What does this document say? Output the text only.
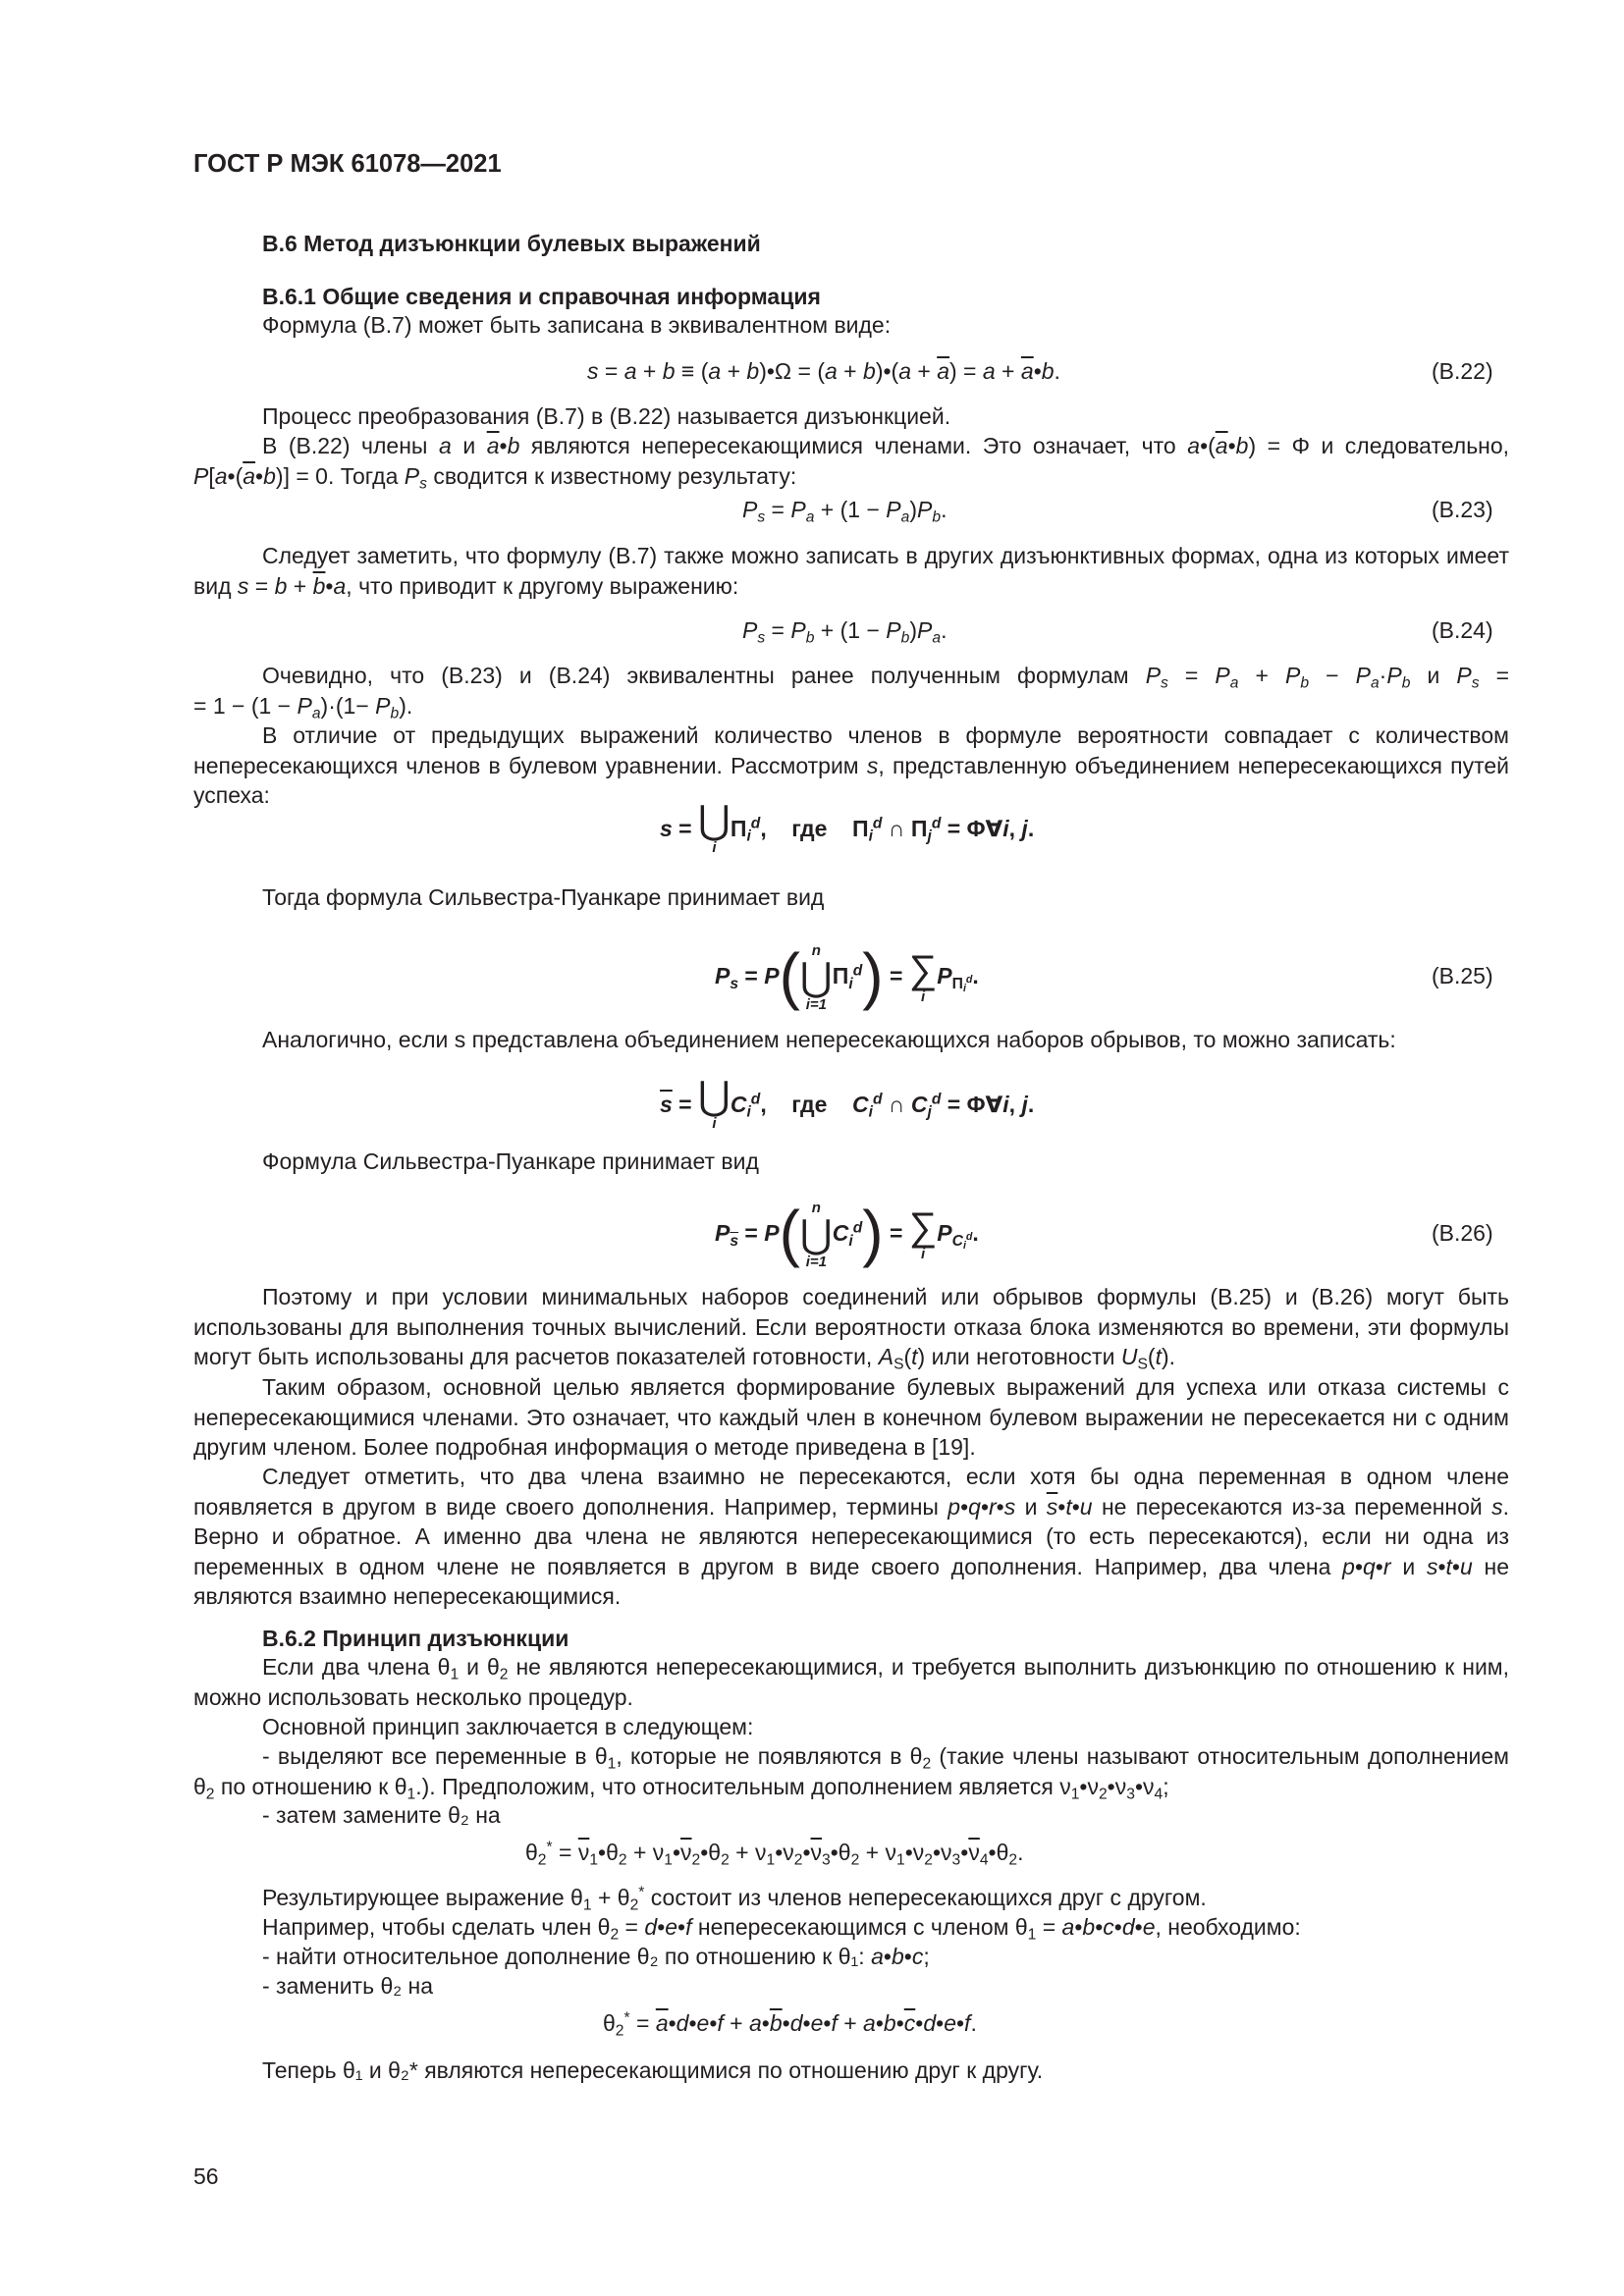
ГОСТ Р МЭК 61078—2021
В.6 Метод дизъюнкции булевых выражений
В.6.1 Общие сведения и справочная информация
Формула (В.7) может быть записана в эквивалентном виде:
s = a + b ≡ (a + b)•Ω = (a + b)•(a + $\overline{a}) = a$ + $\overline{a}•b$.	(В.22)
Процесс преобразования (В.7) в (В.22) называется дизъюнкцией.

В (В.22) члены a и $\overline{a}•b$ являются непересекающимися членами. Это означает, что $a•(\overline{a}•b) = \Phi$ и следовательно, $P[a•(\overline{a}•b)] = 0$. Тогда $P_s$ сводится к известному результату:

$P_s = P_a + (1 - P_a)P_b$.	(В.23)

Следует заметить, что формулу (В.7) также можно записать в других дизъюнктивных формах, одна из которых имеет вид $s = b + \overline{b}•a$, что приводит к другому выражению:

$P_s = P_b + (1 - P_b)P_a$.	(В.24)

Очевидно, что (В.23) и (В.24) эквивалентны ранее полученным формулам $P_s = P_a + P_b - P_a\cdot P_b$ и $P_s$ =

= $1 - (1 - P_a)\cdot(1- P_b)$.

В отличие от предыдущих выражений количество членов в формуле вероятности совпадает с количеством непересекающихся членов в булевом уравнении. Рассмотрим s, представленную объединением непересекающихся путей успеха:

s = ⋃
i
$\Pi_i^d$,    где    $\Pi_i^d$ ∩ $\Pi_j^d$ = Φ∀i, j.
Тогда формула Сильвестра-Пуанкаре принимает вид
$P_s = P$( n
⋃
i=1
$\Pi_i^d$) = ∑
i
$P_{\Pi_i^d}$.	(В.25)
Аналогично, если s представлена объединением непересекающихся наборов обрывов, то можно записать:
$\overline{s}$ = ⋃
i
$C_i^d$,    где $C_i^d$ ∩ $C_j^d$ = Φ∀i, j.
Формула Сильвестра-Пуанкаре принимает вид
$P_{\overline{s}} = P$( n
⋃
i=1
$C_i^d$) = ∑
i
$P_{C_i^d}$.	(В.26)

Поэтому и при условии минимальных наборов соединений или обрывов формулы (В.25) и (В.26) могут быть использованы для выполнения точных вычислений. Если вероятности отказа блока изменяются во времени, эти формулы могут быть использованы для расчетов показателей готовности, $A_S(t)$ или неготовности $U_S(t)$.

Таким образом, основной целью является формирование булевых выражений для успеха или отказа системы с непересекающимися членами. Это означает, что каждый член в конечном булевом выражении не пересекается ни с одним другим членом. Более подробная информация о методе приведена в [19].

Следует отметить, что два члена взаимно не пересекаются, если хотя бы одна переменная в одном члене появляется в другом в виде своего дополнения. Например, термины p•q•r•s и $\overline{s}•t•u$ не пересекаются из-за переменной s. Верно и обратное. А именно два члена не являются непересекающимися (то есть пересекаются), если ни одна из переменных в одном члене не появляется в другом в виде своего дополнения. Например, два члена p•q•r и s•t•u не являются взаимно непересекающимися.

В.6.2 Принцип дизъюнкции

Если два члена $\theta_1$ и $\theta_2$ не являются непересекающимися, и требуется выполнить дизъюнкцию по отношению к ним, можно использовать несколько процедур.

Основной принцип заключается в следующем:

- выделяют все переменные в $\theta_1$, которые не появляются в $\theta_2$ (такие члены называют относительным дополнением $\theta_2$ по отношению к $\theta_1$.). Предположим, что относительным дополнением является $\nu_1•\nu_2•\nu_3•\nu_4$;

- затем замените θ₂ на
$\theta_2^*$ = $\overline{\nu}_1•\theta_2$ + $\nu_1•\overline{\nu}_2•\theta_2$ + $\nu_1•\nu_2•\overline{\nu}_3•\theta_2$ + $\nu_1•\nu_2•\nu_3•\overline{\nu}_4•\theta_2$.
Результирующее выражение $\theta_1 + \theta_2^*$ состоит из членов непересекающихся друг с другом.
Например, чтобы сделать член $\theta_2$ = d•e•f непересекающимся с членом $\theta_1$ = a•b•c•d•e, необходимо:
- найти относительное дополнение θ₂ по отношению к θ₁: a•b•c;
- заменить θ₂ на
$\theta_2^*$ = $\overline{a}•d•e•f$ + $a•\overline{b}•d•e•f$ + $a•b•\overline{c}•d•e•f$.
Теперь θ₁ и θ₂* являются непересекающимися по отношению друг к другу.
56
